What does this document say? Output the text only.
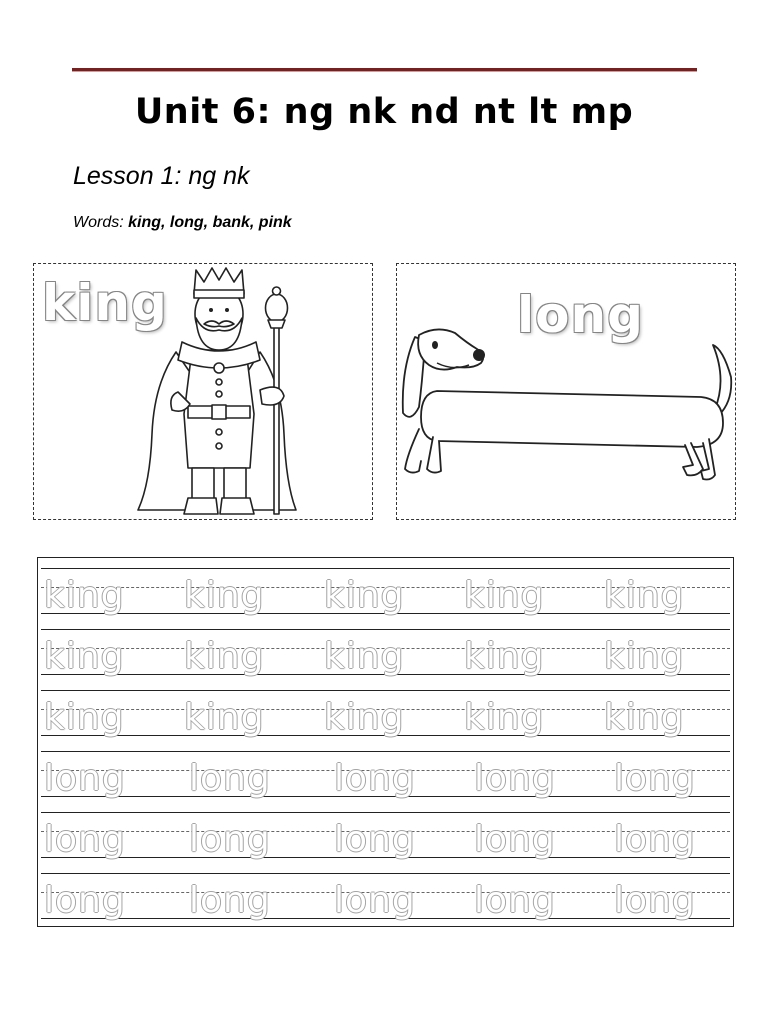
Unit 6: ng nk nd nt lt mp
Lesson 1: ng nk
Words: king, long, bank, pink
king	long
king king king king king
king king king king king
king king king king king
long long long long long
long long long long long
long long long long long
